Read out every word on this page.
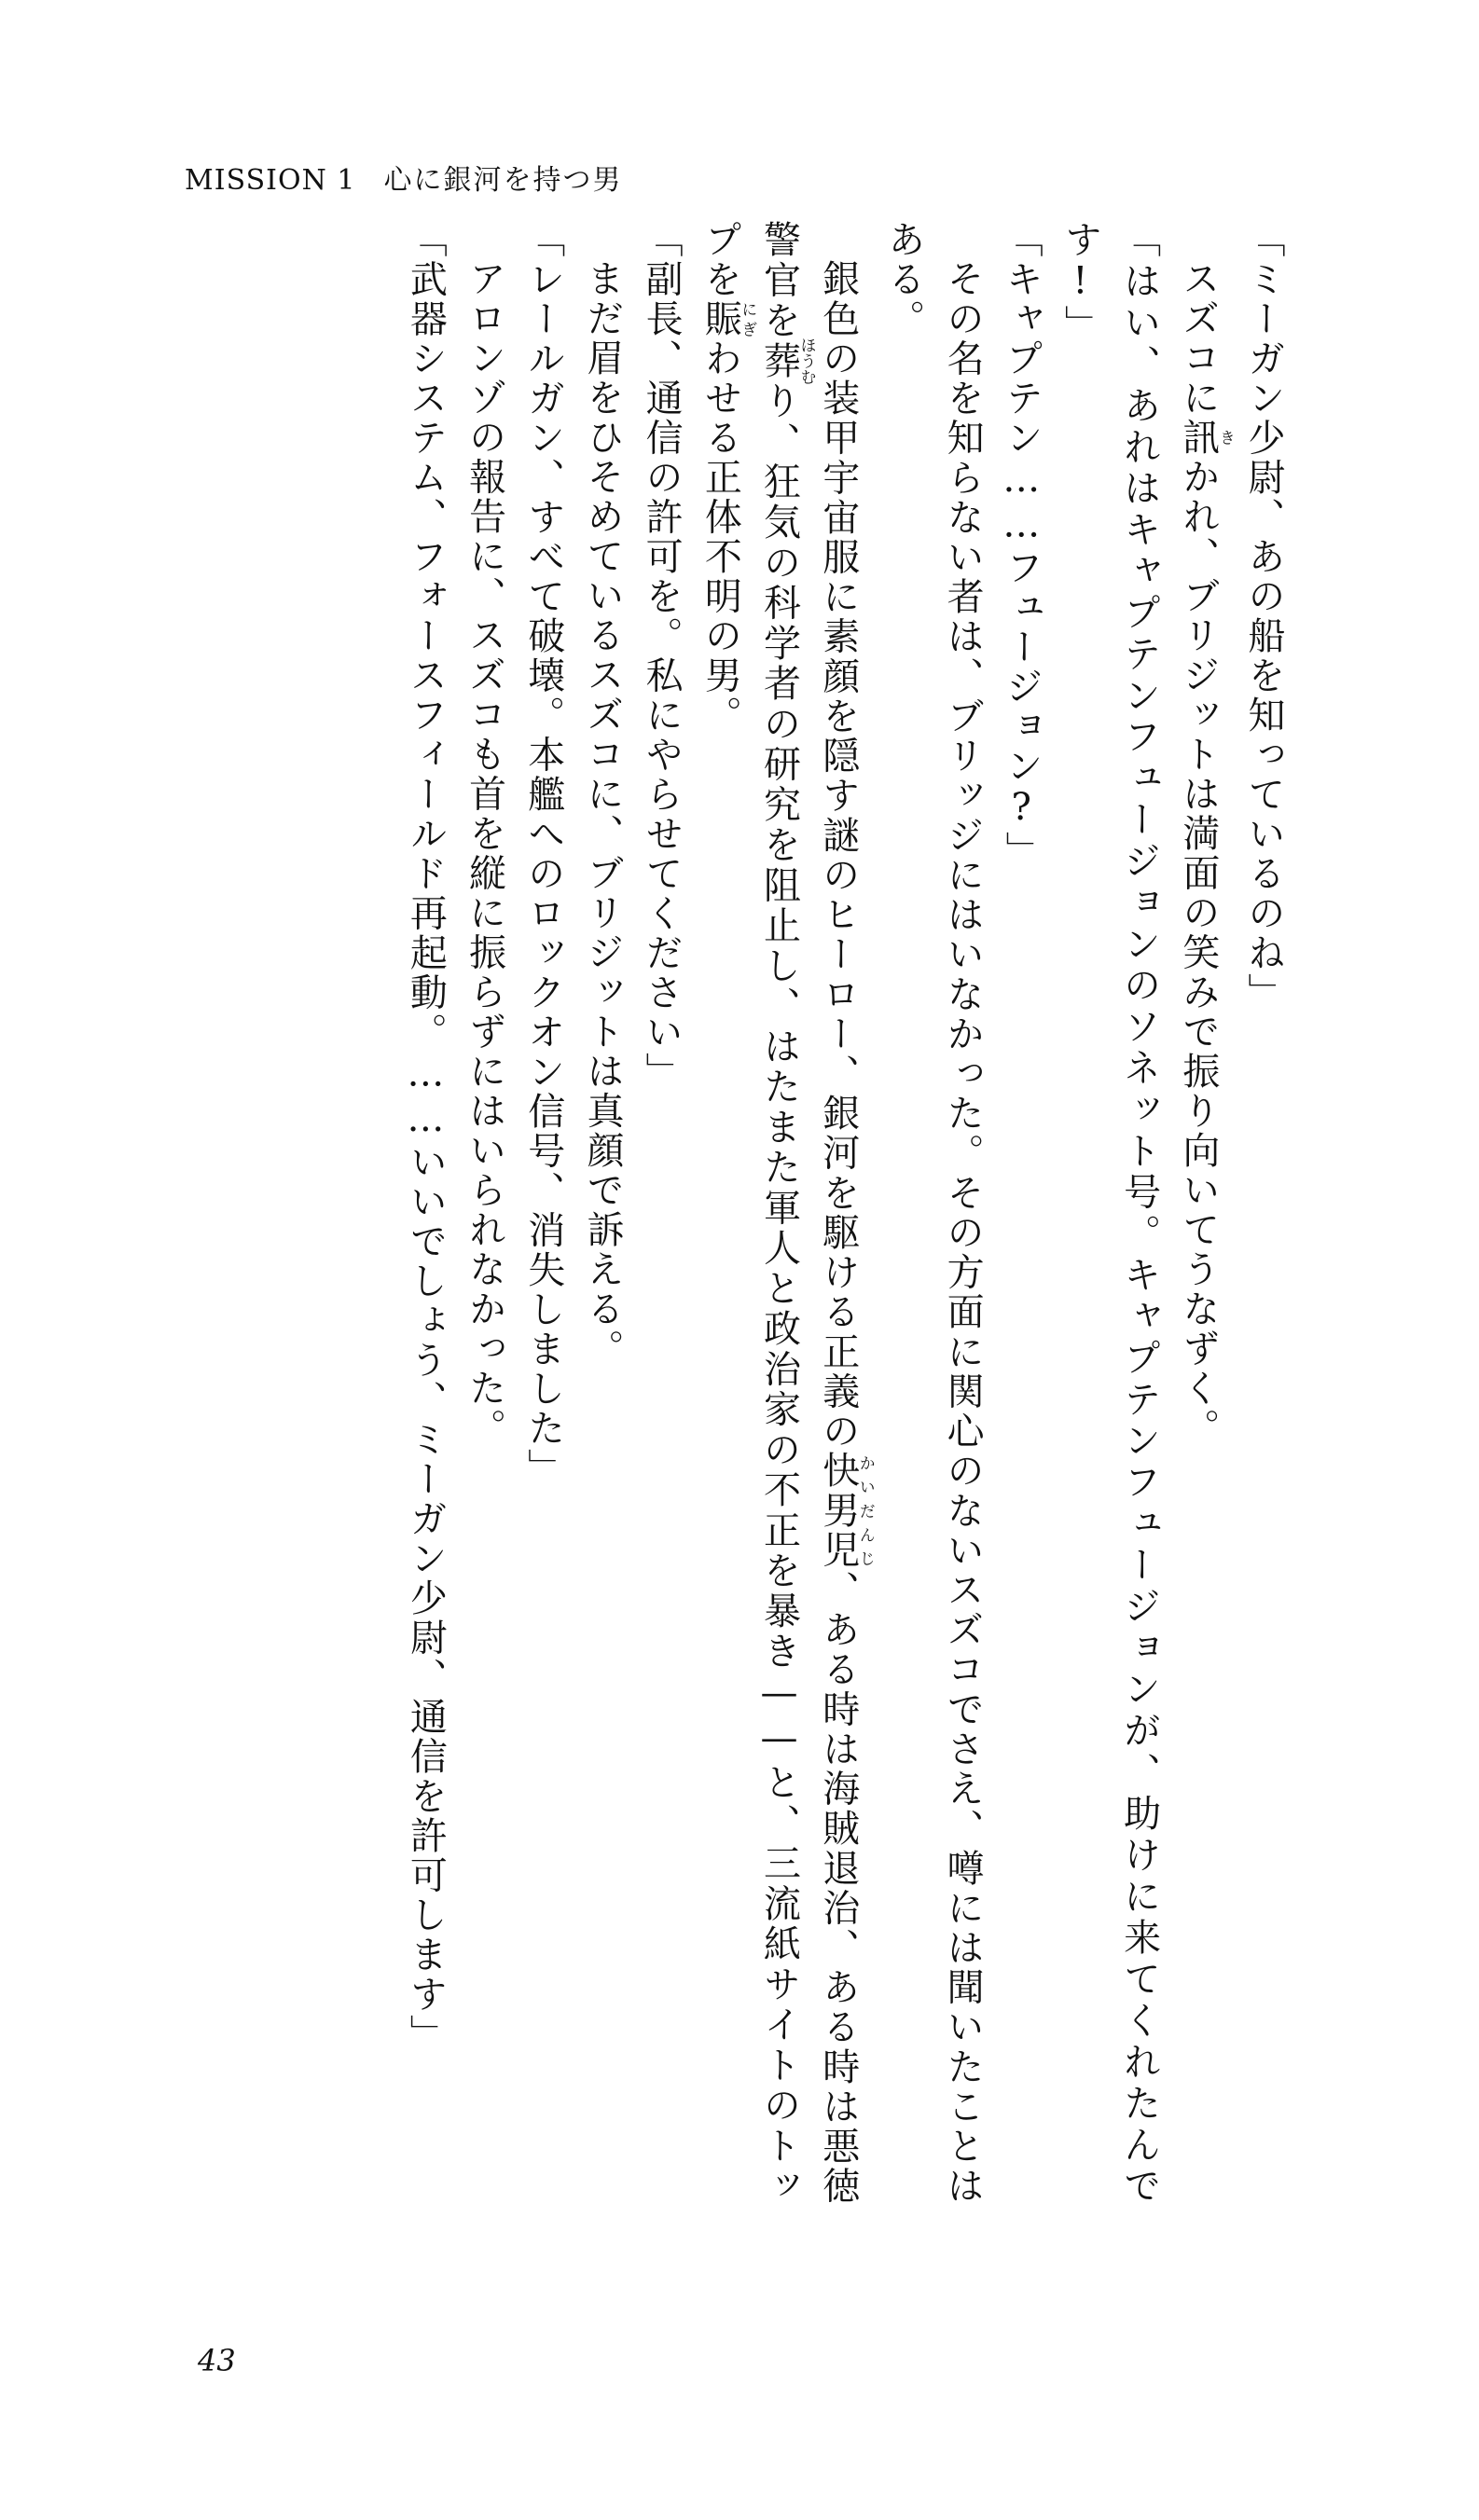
MISSION 1 心に銀河を持つ男

「ミーガン少尉、あの船を知っているのね」

スズコに訊きかれ、ブリジットは満面の笑みで振り向いてうなずく。

「はい、あれはキャプテンフュージョンのソネット号。キャプテンフュージョンが、助けに来てくれたんです!」

「キャプテン……フュージョン?」

その名を知らない者は、ブリッジにはいなかった。その方面に関心のないスズコでさえ、噂には聞いたことはある。

銀色の装甲宇宙服に素顔を隠す謎のヒーロー、銀河を駆ける正義の快男児かいだんじ、ある時は海賊退治、ある時は悪徳警官を葬ほうむり、狂気の科学者の研究を阻止し、はたまた軍人と政治家の不正を暴き——と、三流紙サイトのトップを賑にぎわせる正体不明の男。

「副長、通信の許可を。私にやらせてください」

まだ眉をひそめているスズコに、ブリジットは真顔で訴える。

「レールガン、すべて破壊。本艦へのロックオン信号、消失しました」

アロンゾの報告に、スズコも首を縦に振らずにはいられなかった。

「武器システム、フォースフィールド再起動。……いいでしょう、ミーガン少尉、通信を許可します」

43
